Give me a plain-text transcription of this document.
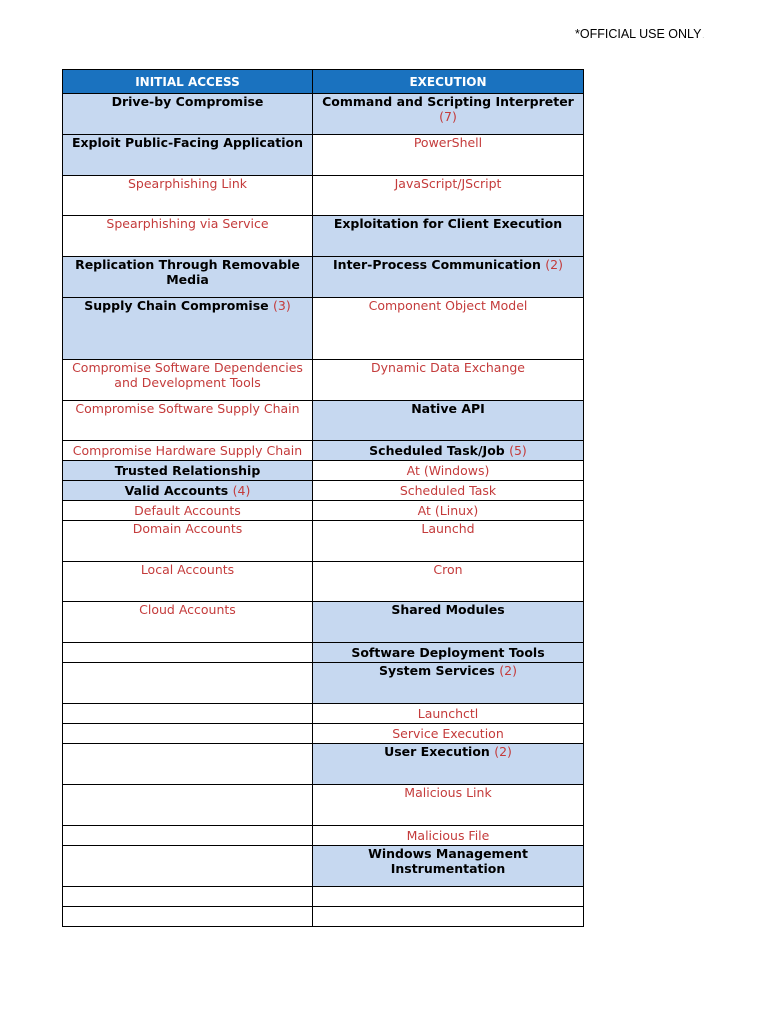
*OFFICIAL USE ONLY.
INITIAL ACCESS	EXECUTION
Drive-by Compromise	Command and Scripting Interpreter (7)
Exploit Public-Facing Application	PowerShell
Spearphishing Link	JavaScript/JScript
Spearphishing via Service	Exploitation for Client Execution
Replication Through Removable Media	Inter-Process Communication (2)
Supply Chain Compromise (3)	Component Object Model
Compromise Software Dependencies and Development Tools	Dynamic Data Exchange
Compromise Software Supply Chain	Native API
Compromise Hardware Supply Chain	Scheduled Task/Job (5)
Trusted Relationship	At (Windows)
Valid Accounts (4)	Scheduled Task
Default Accounts	At (Linux)
Domain Accounts	Launchd
Local Accounts	Cron
Cloud Accounts	Shared Modules
	Software Deployment Tools
	System Services (2)
	Launchctl
	Service Execution
	User Execution (2)
	Malicious Link
	Malicious File
	Windows Management Instrumentation
